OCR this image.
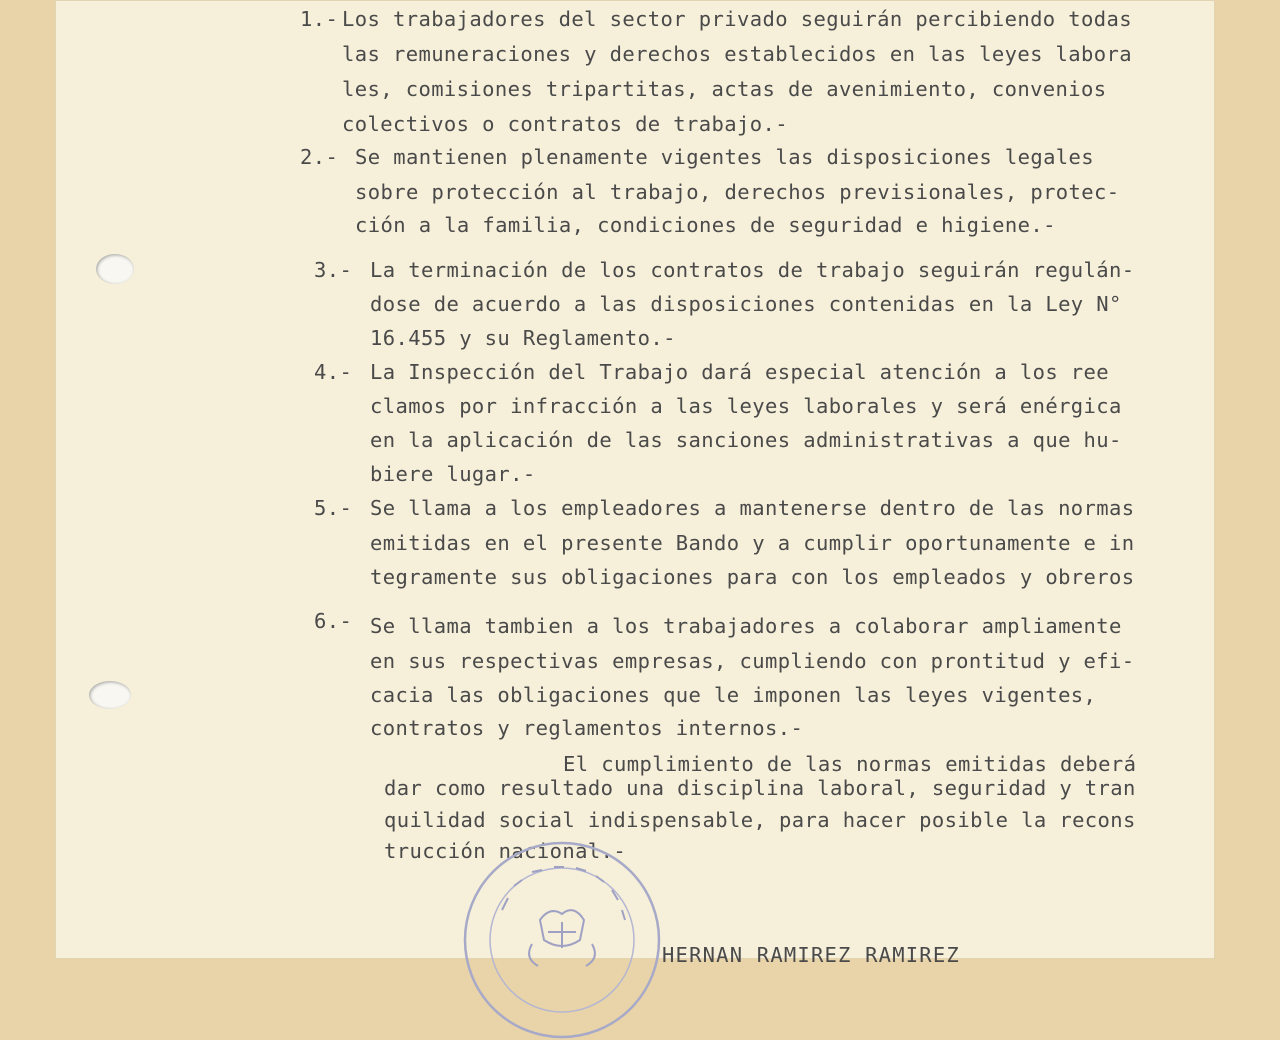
1.- Los trabajadores del sector privado seguirán percibiendo todas
las remuneraciones y derechos establecidos en las leyes labora
les, comisiones tripartitas, actas de avenimiento, convenios
colectivos o contratos de trabajo.-
2.- Se mantienen plenamente vigentes las disposiciones legales
sobre protección al trabajo, derechos previsionales, protec-
ción a la familia, condiciones de seguridad e higiene.-
3.- La terminación de los contratos de trabajo seguirán regulán-
dose de acuerdo a las disposiciones contenidas en la Ley N°
16.455 y su Reglamento.-
4.- La Inspección del Trabajo dará especial atención a los ree
clamos por infracción a las leyes laborales y será enérgica
en la aplicación de las sanciones administrativas a que hu-
biere lugar.-
5.- Se llama a los empleadores a mantenerse dentro de las normas
emitidas en el presente Bando y a cumplir oportunamente e in
tegramente sus obligaciones para con los empleados y obreros
6.- Se llama tambien a los trabajadores a colaborar ampliamente
en sus respectivas empresas, cumpliendo con prontitud y efi-
cacia las obligaciones que le imponen las leyes vigentes,
contratos y reglamentos internos.-
El cumplimiento de las normas emitidas deberá
dar como resultado una disciplina laboral, seguridad y tran
quilidad social indispensable, para hacer posible la recons
trucción nacional.-
HERNAN RAMIREZ RAMIREZ
